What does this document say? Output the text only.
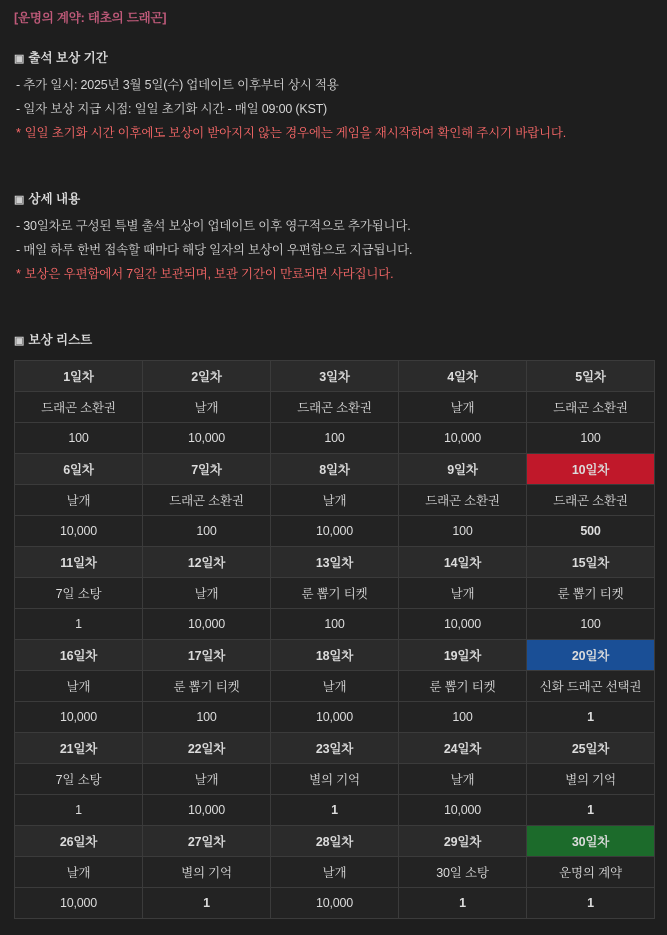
[운명의 계약: 태초의 드래곤]
▣ 출석 보상 기간
- 추가 일시: 2025년 3월 5일(수) 업데이트 이후부터 상시 적용
- 일자 보상 지급 시점: 일일 초기화 시간 - 매일 09:00 (KST)
* 일일 초기화 시간 이후에도 보상이 받아지지 않는 경우에는 게임을 재시작하여 확인해 주시기 바랍니다.
▣ 상세 내용
- 30일차로 구성된 특별 출석 보상이 업데이트 이후 영구적으로 추가됩니다.
- 매일 하루 한번 접속할 때마다 해당 일자의 보상이 우편함으로 지급됩니다.
* 보상은 우편함에서 7일간 보관되며, 보관 기간이 만료되면 사라집니다.
▣ 보상 리스트
1일차	2일차	3일차	4일차	5일차
드래곤 소환권	날개	드래곤 소환권	날개	드래곤 소환권
100	10,000	100	10,000	100
6일차	7일차	8일차	9일차	10일차
날개	드래곤 소환권	날개	드래곤 소환권	드래곤 소환권
10,000	100	10,000	100	500
11일차	12일차	13일차	14일차	15일차
7일 소탕	날개	룬 뽑기 티켓	날개	룬 뽑기 티켓
1	10,000	100	10,000	100
16일차	17일차	18일차	19일차	20일차
날개	룬 뽑기 티켓	날개	룬 뽑기 티켓	신화 드래곤 선택권
10,000	100	10,000	100	1
21일차	22일차	23일차	24일차	25일차
7일 소탕	날개	별의 기억	날개	별의 기억
1	10,000	1	10,000	1
26일차	27일차	28일차	29일차	30일차
날개	별의 기억	날개	30일 소탕	운명의 계약
10,000	1	10,000	1	1
